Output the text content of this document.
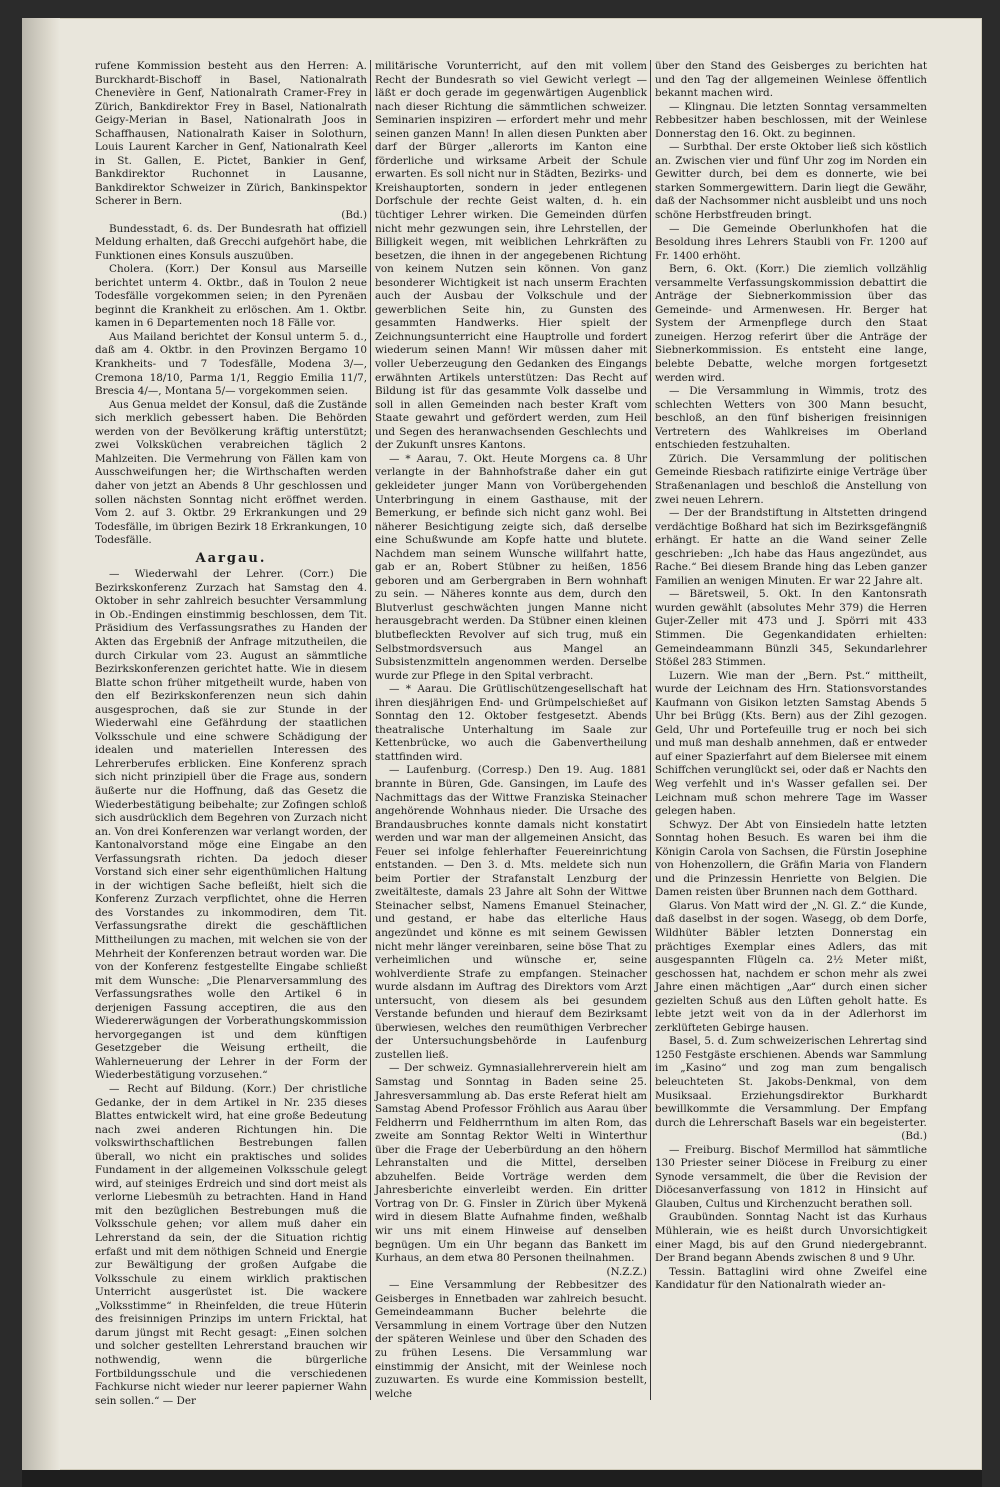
rufene Kommission besteht aus den Herren: A. Burckhardt-Bischoff in Basel, Nationalrath Chenevière in Genf, Nationalrath Cramer-Frey in Zürich, Bankdirektor Frey in Basel, Nationalrath Geigy-Merian in Basel, Nationalrath Joos in Schaffhausen, Nationalrath Kaiser in Solothurn, Louis Laurent Karcher in Genf, Nationalrath Keel in St. Gallen, E. Pictet, Bankier in Genf, Bankdirektor Ruchonnet in Lausanne, Bankdirektor Schweizer in Zürich, Bankinspektor Scherer in Bern.
(Bd.)

Bundesstadt, 6. ds. Der Bundesrath hat offiziell Meldung erhalten, daß Grecchi aufgehört habe, die Funktionen eines Konsuls auszuüben.

Cholera. (Korr.) Der Konsul aus Marseille berichtet unterm 4. Oktbr., daß in Toulon 2 neue Todesfälle vorgekommen seien; in den Pyrenäen beginnt die Krankheit zu erlöschen. Am 1. Oktbr. kamen in 6 Departementen noch 18 Fälle vor.

Aus Mailand berichtet der Konsul unterm 5. d., daß am 4. Oktbr. in den Provinzen Bergamo 10 Krankheits- und 7 Todesfälle, Modena 3/—, Cremona 18/10, Parma 1/1, Reggio Emilia 11/7, Brescia 4/—, Montana 5/— vorgekommen seien.

Aus Genua meldet der Konsul, daß die Zustände sich merklich gebessert haben. Die Behörden werden von der Bevölkerung kräftig unterstützt; zwei Volksküchen verabreichen täglich 2 Mahlzeiten. Die Vermehrung von Fällen kam von Ausschweifungen her; die Wirthschaften werden daher von jetzt an Abends 8 Uhr geschlossen und sollen nächsten Sonntag nicht eröffnet werden. Vom 2. auf 3. Oktbr. 29 Erkrankungen und 29 Todesfälle, im übrigen Bezirk 18 Erkrankungen, 10 Todesfälle.

Aargau.

— Wiederwahl der Lehrer. (Corr.) Die Bezirkskonferenz Zurzach hat Samstag den 4. Oktober in sehr zahlreich besuchter Versammlung in Ob.-Endingen einstimmig beschlossen, dem Tit. Präsidium des Verfassungsrathes zu Handen der Akten das Ergebniß der Anfrage mitzutheilen, die durch Cirkular vom 23. August an sämmtliche Bezirkskonferenzen gerichtet hatte. Wie in diesem Blatte schon früher mitgetheilt wurde, haben von den elf Bezirkskonferenzen neun sich dahin ausgesprochen, daß sie zur Stunde in der Wiederwahl eine Gefährdung der staatlichen Volksschule und eine schwere Schädigung der idealen und materiellen Interessen des Lehrerberufes erblicken. Eine Konferenz sprach sich nicht prinzipiell über die Frage aus, sondern äußerte nur die Hoffnung, daß das Gesetz die Wiederbestätigung beibehalte; zur Zofingen schloß sich ausdrücklich dem Begehren von Zurzach nicht an. Von drei Konferenzen war verlangt worden, der Kantonalvorstand möge eine Eingabe an den Verfassungsrath richten. Da jedoch dieser Vorstand sich einer sehr eigenthümlichen Haltung in der wichtigen Sache befleißt, hielt sich die Konferenz Zurzach verpflichtet, ohne die Herren des Vorstandes zu inkommodiren, dem Tit. Verfassungsrathe direkt die geschäftlichen Mittheilungen zu machen, mit welchen sie von der Mehrheit der Konferenzen betraut worden war. Die von der Konferenz festgestellte Eingabe schließt mit dem Wunsche: „Die Plenarversammlung des Verfassungsrathes wolle den Artikel 6 in derjenigen Fassung acceptiren, die aus den Wiedererwägungen der Vorberathungskommission hervorgegangen ist und dem künftigen Gesetzgeber die Weisung ertheilt, die Wahlerneuerung der Lehrer in der Form der Wiederbestätigung vorzusehen.“

— Recht auf Bildung. (Korr.) Der christliche Gedanke, der in dem Artikel in Nr. 235 dieses Blattes entwickelt wird, hat eine große Bedeutung nach zwei anderen Richtungen hin. Die volkswirthschaftlichen Bestrebungen fallen überall, wo nicht ein praktisches und solides Fundament in der allgemeinen Volksschule gelegt wird, auf steiniges Erdreich und sind dort meist als verlorne Liebesmüh zu betrachten. Hand in Hand mit den bezüglichen Bestrebungen muß die Volksschule gehen; vor allem muß daher ein Lehrerstand da sein, der die Situation richtig erfaßt und mit dem nöthigen Schneid und Energie zur Bewältigung der großen Aufgabe die Volksschule zu einem wirklich praktischen Unterricht ausgerüstet ist. Die wackere „Volksstimme“ in Rheinfelden, die treue Hüterin des freisinnigen Prinzips im untern Fricktal, hat darum jüngst mit Recht gesagt: „Einen solchen und solcher gestellten Lehrerstand brauchen wir nothwendig, wenn die bürgerliche Fortbildungsschule und die verschiedenen Fachkurse nicht wieder nur leerer papierner Wahn sein sollen.“ — Der

militärische Vorunterricht, auf den mit vollem Recht der Bundesrath so viel Gewicht verlegt — läßt er doch gerade im gegenwärtigen Augenblick nach dieser Richtung die sämmtlichen schweizer. Seminarien inspiziren — erfordert mehr und mehr seinen ganzen Mann! In allen diesen Punkten aber darf der Bürger „allerorts im Kanton eine förderliche und wirksame Arbeit der Schule erwarten. Es soll nicht nur in Städten, Bezirks- und Kreishauptorten, sondern in jeder entlegenen Dorfschule der rechte Geist walten, d. h. ein tüchtiger Lehrer wirken. Die Gemeinden dürfen nicht mehr gezwungen sein, ihre Lehrstellen, der Billigkeit wegen, mit weiblichen Lehrkräften zu besetzen, die ihnen in der angegebenen Richtung von keinem Nutzen sein können. Von ganz besonderer Wichtigkeit ist nach unserm Erachten auch der Ausbau der Volkschule und der gewerblichen Seite hin, zu Gunsten des gesammten Handwerks. Hier spielt der Zeichnungsunterricht eine Hauptrolle und fordert wiederum seinen Mann! Wir müssen daher mit voller Ueberzeugung den Gedanken des Eingangs erwähnten Artikels unterstützen: Das Recht auf Bildung ist für das gesammte Volk dasselbe und soll in allen Gemeinden nach bester Kraft vom Staate gewahrt und gefördert werden, zum Heil und Segen des heranwachsenden Geschlechts und der Zukunft unsres Kantons.

— * Aarau, 7. Okt. Heute Morgens ca. 8 Uhr verlangte in der Bahnhofstraße daher ein gut gekleideter junger Mann von Vorübergehenden Unterbringung in einem Gasthause, mit der Bemerkung, er befinde sich nicht ganz wohl. Bei näherer Besichtigung zeigte sich, daß derselbe eine Schußwunde am Kopfe hatte und blutete. Nachdem man seinem Wunsche willfahrt hatte, gab er an, Robert Stübner zu heißen, 1856 geboren und am Gerbergraben in Bern wohnhaft zu sein. — Näheres konnte aus dem, durch den Blutverlust geschwächten jungen Manne nicht herausgebracht werden. Da Stübner einen kleinen blutbefleckten Revolver auf sich trug, muß ein Selbstmordsversuch aus Mangel an Subsistenzmitteln angenommen werden. Derselbe wurde zur Pflege in den Spital verbracht.

— * Aarau. Die Grütlischützengesellschaft hat ihren diesjährigen End- und Grümpelschießet auf Sonntag den 12. Oktober festgesetzt. Abends theatralische Unterhaltung im Saale zur Kettenbrücke, wo auch die Gabenvertheilung stattfinden wird.

— Laufenburg. (Corresp.) Den 19. Aug. 1881 brannte in Büren, Gde. Gansingen, im Laufe des Nachmittags das der Wittwe Franziska Steinacher angehörende Wohnhaus nieder. Die Ursache des Brandausbruches konnte damals nicht konstatirt werden und war man der allgemeinen Ansicht, das Feuer sei infolge fehlerhafter Feuereinrichtung entstanden. — Den 3. d. Mts. meldete sich nun beim Portier der Strafanstalt Lenzburg der zweitälteste, damals 23 Jahre alt Sohn der Wittwe Steinacher selbst, Namens Emanuel Steinacher, und gestand, er habe das elterliche Haus angezündet und könne es mit seinem Gewissen nicht mehr länger vereinbaren, seine böse That zu verheimlichen und wünsche er, seine wohlverdiente Strafe zu empfangen. Steinacher wurde alsdann im Auftrag des Direktors vom Arzt untersucht, von diesem als bei gesundem Verstande befunden und hierauf dem Bezirksamt überwiesen, welches den reumüthigen Verbrecher der Untersuchungsbehörde in Laufenburg zustellen ließ.

— Der schweiz. Gymnasiallehrerverein hielt am Samstag und Sonntag in Baden seine 25. Jahresversammlung ab. Das erste Referat hielt am Samstag Abend Professor Fröhlich aus Aarau über Feldherrn und Feldherrnthum im alten Rom, das zweite am Sonntag Rektor Welti in Winterthur über die Frage der Ueberbürdung an den höhern Lehranstalten und die Mittel, derselben abzuhelfen. Beide Vorträge werden dem Jahresberichte einverleibt werden. Ein dritter Vortrag von Dr. G. Finsler in Zürich über Mykenä wird in diesem Blatte Aufnahme finden, weßhalb wir uns mit einem Hinweise auf denselben begnügen. Um ein Uhr begann das Bankett im Kurhaus, an dem etwa 80 Personen theilnahmen.
(N.Z.Z.)

— Eine Versammlung der Rebbesitzer des Geisberges in Ennetbaden war zahlreich besucht. Gemeindeammann Bucher belehrte die Versammlung in einem Vortrage über den Nutzen der späteren Weinlese und über den Schaden des zu frühen Lesens. Die Versammlung war einstimmig der Ansicht, mit der Weinlese noch zuzuwarten. Es wurde eine Kommission bestellt, welche

über den Stand des Geisberges zu berichten hat und den Tag der allgemeinen Weinlese öffentlich bekannt machen wird.

— Klingnau. Die letzten Sonntag versammelten Rebbesitzer haben beschlossen, mit der Weinlese Donnerstag den 16. Okt. zu beginnen.

— Surbthal. Der erste Oktober ließ sich köstlich an. Zwischen vier und fünf Uhr zog im Norden ein Gewitter durch, bei dem es donnerte, wie bei starken Sommergewittern. Darin liegt die Gewähr, daß der Nachsommer nicht ausbleibt und uns noch schöne Herbstfreuden bringt.

— Die Gemeinde Oberlunkhofen hat die Besoldung ihres Lehrers Staubli von Fr. 1200 auf Fr. 1400 erhöht.

Bern, 6. Okt. (Korr.) Die ziemlich vollzählig versammelte Verfassungskommission debattirt die Anträge der Siebnerkommission über das Gemeinde- und Armenwesen. Hr. Berger hat System der Armenpflege durch den Staat zuneigen. Herzog referirt über die Anträge der Siebnerkommission. Es entsteht eine lange, belebte Debatte, welche morgen fortgesetzt werden wird.

— Die Versammlung in Wimmis, trotz des schlechten Wetters von 300 Mann besucht, beschloß, an den fünf bisherigen freisinnigen Vertretern des Wahlkreises im Oberland entschieden festzuhalten.

Zürich. Die Versammlung der politischen Gemeinde Riesbach ratifizirte einige Verträge über Straßenanlagen und beschloß die Anstellung von zwei neuen Lehrern.

— Der der Brandstiftung in Altstetten dringend verdächtige Boßhard hat sich im Bezirksgefängniß erhängt. Er hatte an die Wand seiner Zelle geschrieben: „Ich habe das Haus angezündet, aus Rache.“ Bei diesem Brande hing das Leben ganzer Familien an wenigen Minuten. Er war 22 Jahre alt.

— Bäretsweil, 5. Okt. In den Kantonsrath wurden gewählt (absolutes Mehr 379) die Herren Gujer-Zeller mit 473 und J. Spörri mit 433 Stimmen. Die Gegenkandidaten erhielten: Gemeindeammann Bünzli 345, Sekundarlehrer Stößel 283 Stimmen.

Luzern. Wie man der „Bern. Pst.“ mittheilt, wurde der Leichnam des Hrn. Stationsvorstandes Kaufmann von Gisikon letzten Samstag Abends 5 Uhr bei Brügg (Kts. Bern) aus der Zihl gezogen. Geld, Uhr und Portefeuille trug er noch bei sich und muß man deshalb annehmen, daß er entweder auf einer Spazierfahrt auf dem Bielersee mit einem Schiffchen verunglückt sei, oder daß er Nachts den Weg verfehlt und in's Wasser gefallen sei. Der Leichnam muß schon mehrere Tage im Wasser gelegen haben.

Schwyz. Der Abt von Einsiedeln hatte letzten Sonntag hohen Besuch. Es waren bei ihm die Königin Carola von Sachsen, die Fürstin Josephine von Hohenzollern, die Gräfin Maria von Flandern und die Prinzessin Henriette von Belgien. Die Damen reisten über Brunnen nach dem Gotthard.

Glarus. Von Matt wird der „N. Gl. Z.“ die Kunde, daß daselbst in der sogen. Wasegg, ob dem Dorfe, Wildhüter Bäbler letzten Donnerstag ein prächtiges Exemplar eines Adlers, das mit ausgespannten Flügeln ca. 2½ Meter mißt, geschossen hat, nachdem er schon mehr als zwei Jahre einen mächtigen „Aar“ durch einen sicher gezielten Schuß aus den Lüften geholt hatte. Es lebte jetzt weit von da in der Adlerhorst im zerklüfteten Gebirge hausen.

Basel, 5. d. Zum schweizerischen Lehrertag sind 1250 Festgäste erschienen. Abends war Sammlung im „Kasino“ und zog man zum bengalisch beleuchteten St. Jakobs-Denkmal, von dem Musiksaal. Erziehungsdirektor Burkhardt bewillkommte die Versammlung. Der Empfang durch die Lehrerschaft Basels war ein begeisterter.
(Bd.)

— Freiburg. Bischof Mermillod hat sämmtliche 130 Priester seiner Diöcese in Freiburg zu einer Synode versammelt, die über die Revision der Diöcesanverfassung von 1812 in Hinsicht auf Glauben, Cultus und Kirchenzucht berathen soll.

Graubünden. Sonntag Nacht ist das Kurhaus Mühlerain, wie es heißt durch Unvorsichtigkeit einer Magd, bis auf den Grund niedergebrannt. Der Brand begann Abends zwischen 8 und 9 Uhr.

Tessin. Battaglini wird ohne Zweifel eine Kandidatur für den Nationalrath wieder an-
